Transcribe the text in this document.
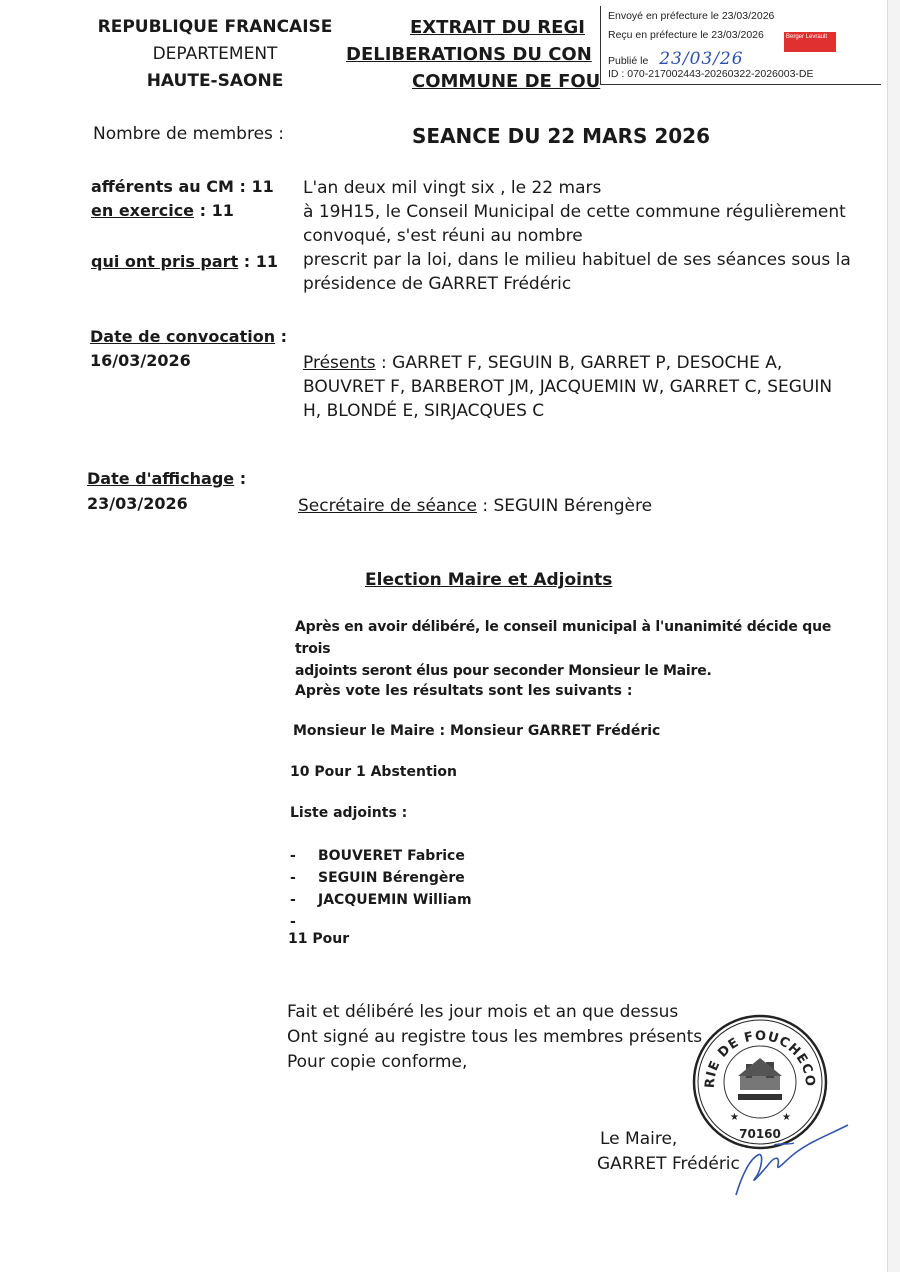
REPUBLIQUE FRANCAISE
DEPARTEMENT
HAUTE-SAONE
EXTRAIT DU REGI
DELIBERATIONS DU CON
COMMUNE DE FOU
Envoyé en préfecture le 23/03/2026
Reçu en préfecture le 23/03/2026
Publié le 23/03/26
ID : 070-217002443-20260322-2026003-DE
Berger Levrault
Nombre de membres :	SEANCE DU 22 MARS 2026
afférents au CM : 11
en exercice : 11
qui ont pris part : 11
L'an deux mil vingt six , le 22 mars
à 19H15, le Conseil Municipal de cette commune régulièrement
convoqué, s'est réuni au nombre
prescrit par la loi, dans le milieu habituel de ses séances sous la
présidence de GARRET Frédéric
Date de convocation :
16/03/2026	Présents : GARRET F, SEGUIN B, GARRET P, DESOCHE A,
BOUVRET F, BARBEROT JM, JACQUEMIN W, GARRET C, SEGUIN
H, BLONDÉ E, SIRJACQUES C
Date d'affichage :
23/03/2026	Secrétaire de séance : SEGUIN Bérengère
Election Maire et Adjoints
Après en avoir délibéré, le conseil municipal à l'unanimité décide que trois
adjoints seront élus pour seconder Monsieur le Maire.
Après vote les résultats sont les suivants :
Monsieur le Maire : Monsieur GARRET Frédéric
10 Pour 1 Abstention
Liste adjoints :
- BOUVERET Fabrice
- SEGUIN Bérengère
- JACQUEMIN William
-
11 Pour
Fait et délibéré les jour mois et an que dessus
Ont signé au registre tous les membres présents
Pour copie conforme,
RIE DE FOUCHECO
★	★
70160
Le Maire,
GARRET Frédéric
